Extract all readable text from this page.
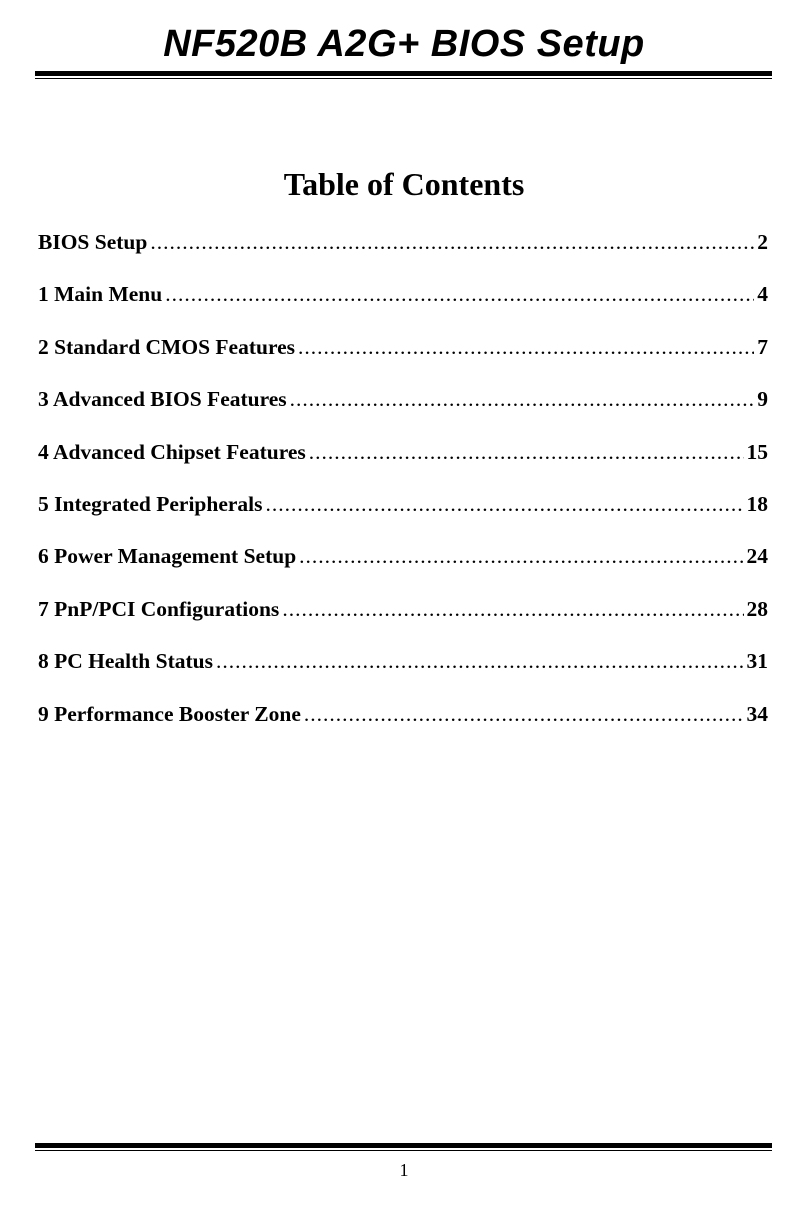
NF520B A2G+ BIOS Setup
Table of Contents
BIOS Setup .....	2
1 Main Menu .....	4
2 Standard CMOS Features .....	7
3 Advanced BIOS Features .....	9
4 Advanced Chipset Features .....	15
5 Integrated Peripherals .....	18
6 Power Management Setup .....	24
7 PnP/PCI Configurations .....	28
8 PC Health Status .....	31
9 Performance Booster Zone .....	34
1
